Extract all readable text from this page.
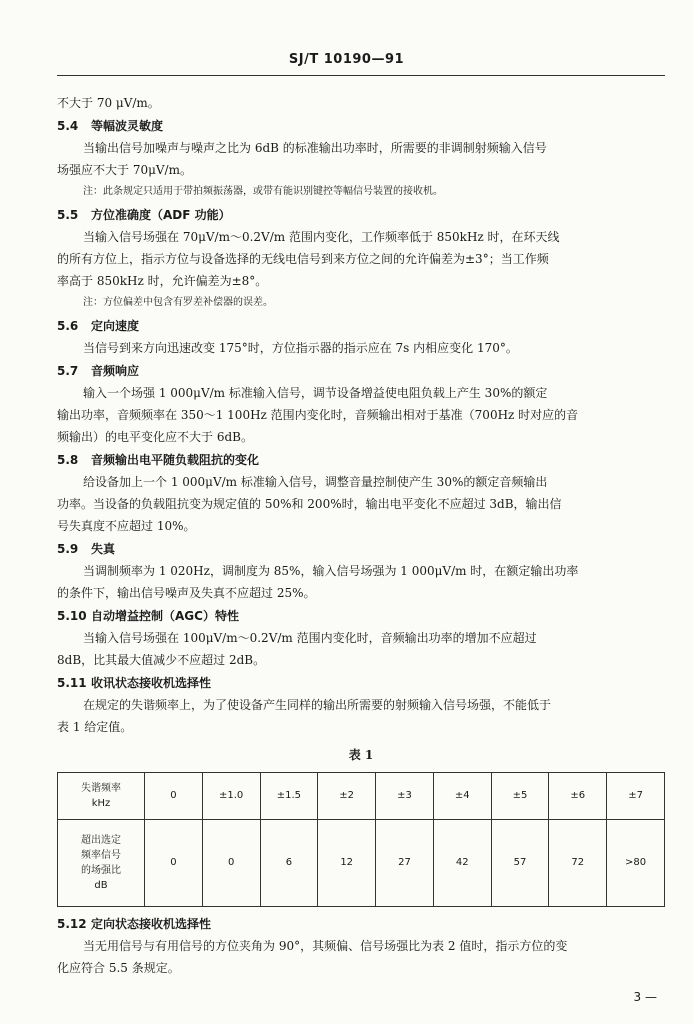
SJ/T 10190—91
不大于 70 μV/m。
5.4 等幅波灵敏度
当输出信号加噪声与噪声之比为 6dB 的标准输出功率时，所需要的非调制射频输入信号
场强应不大于 70μV/m。
注：此条规定只适用于带拍频振荡器，或带有能识别键控等幅信号装置的接收机。
5.5 方位准确度（ADF 功能）
当输入信号场强在 70μV/m～0.2V/m 范围内变化，工作频率低于 850kHz 时，在环天线
的所有方位上，指示方位与设备选择的无线电信号到来方位之间的允许偏差为±3°；当工作频
率高于 850kHz 时，允许偏差为±8°。
注：方位偏差中包含有罗差补偿器的误差。
5.6 定向速度
当信号到来方向迅速改变 175°时，方位指示器的指示应在 7s 内相应变化 170°。
5.7 音频响应
输入一个场强 1 000μV/m 标准输入信号，调节设备增益使电阻负载上产生 30%的额定
输出功率，音频频率在 350～1 100Hz 范围内变化时，音频输出相对于基准（700Hz 时对应的音
频输出）的电平变化应不大于 6dB。
5.8 音频输出电平随负载阻抗的变化
给设备加上一个 1 000μV/m 标准输入信号，调整音量控制使产生 30%的额定音频输出
功率。当设备的负载阻抗变为规定值的 50%和 200%时，输出电平变化不应超过 3dB，输出信
号失真度不应超过 10%。
5.9 失真
当调制频率为 1 020Hz，调制度为 85%，输入信号场强为 1 000μV/m 时，在额定输出功率
的条件下，输出信号噪声及失真不应超过 25%。
5.10 自动增益控制（AGC）特性
当输入信号场强在 100μV/m～0.2V/m 范围内变化时，音频输出功率的增加不应超过
8dB，比其最大值减少不应超过 2dB。
5.11 收讯状态接收机选择性
在规定的失谐频率上，为了使设备产生同样的输出所需要的射频输入信号场强，不能低于
表 1 给定值。
表 1
失谐频率
kHz	0	±1.0	±1.5	±2	±3	±4	±5	±6	±7

超出选定
频率信号
的场强比
dB	0	0	6	12	27	42	57	72	>80
5.12 定向状态接收机选择性
当无用信号与有用信号的方位夹角为 90°，其频偏、信号场强比为表 2 值时，指示方位的变
化应符合 5.5 条规定。
3 —
